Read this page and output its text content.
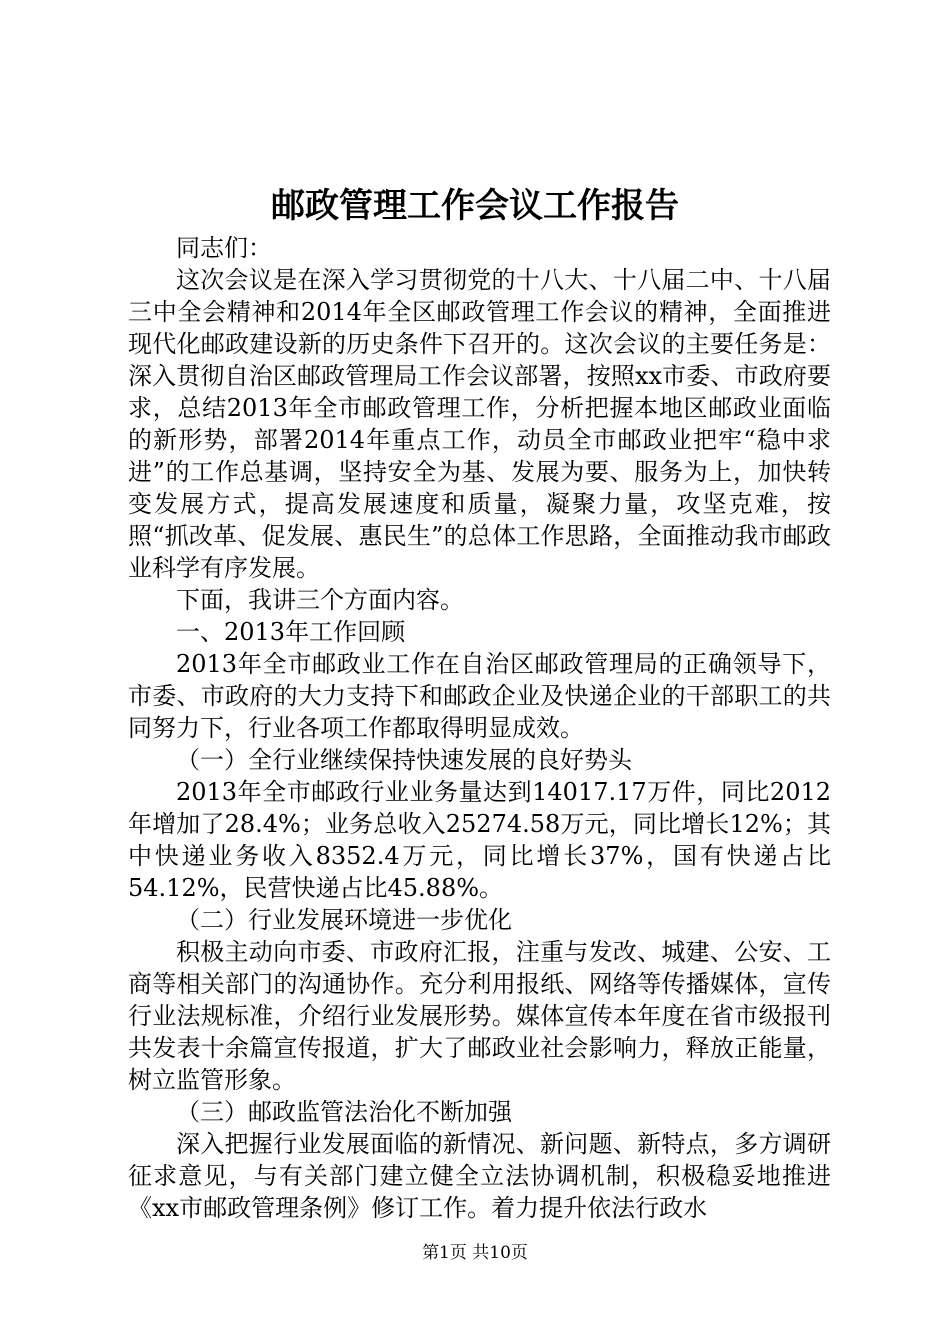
邮政管理工作会议工作报告

同志们：

这次会议是在深入学习贯彻党的十八大、十八届二中、十八届三中全会精神和2014年全区邮政管理工作会议的精神，全面推进现代化邮政建设新的历史条件下召开的。这次会议的主要任务是：深入贯彻自治区邮政管理局工作会议部署，按照xx市委、市政府要求，总结2013年全市邮政管理工作，分析把握本地区邮政业面临的新形势，部署2014年重点工作，动员全市邮政业把牢“稳中求进”的工作总基调，坚持安全为基、发展为要、服务为上，加快转变发展方式，提高发展速度和质量，凝聚力量，攻坚克难，按照“抓改革、促发展、惠民生”的总体工作思路，全面推动我市邮政业科学有序发展。

下面，我讲三个方面内容。

一、2013年工作回顾

2013年全市邮政业工作在自治区邮政管理局的正确领导下，市委、市政府的大力支持下和邮政企业及快递企业的干部职工的共同努力下，行业各项工作都取得明显成效。

（一）全行业继续保持快速发展的良好势头

2013年全市邮政行业业务量达到14017.17万件，同比2012年增加了28.4%；业务总收入25274.58万元，同比增长12%；其中快递业务收入8352.4万元，同比增长37%，国有快递占比54.12%，民营快递占比45.88%。

（二）行业发展环境进一步优化

积极主动向市委、市政府汇报，注重与发改、城建、公安、工商等相关部门的沟通协作。充分利用报纸、网络等传播媒体，宣传行业法规标准，介绍行业发展形势。媒体宣传本年度在省市级报刊共发表十余篇宣传报道，扩大了邮政业社会影响力，释放正能量，树立监管形象。

（三）邮政监管法治化不断加强

深入把握行业发展面临的新情况、新问题、新特点，多方调研征求意见，与有关部门建立健全立法协调机制，积极稳妥地推进《xx市邮政管理条例》修订工作。着力提升依法行政水

第1页 共10页
